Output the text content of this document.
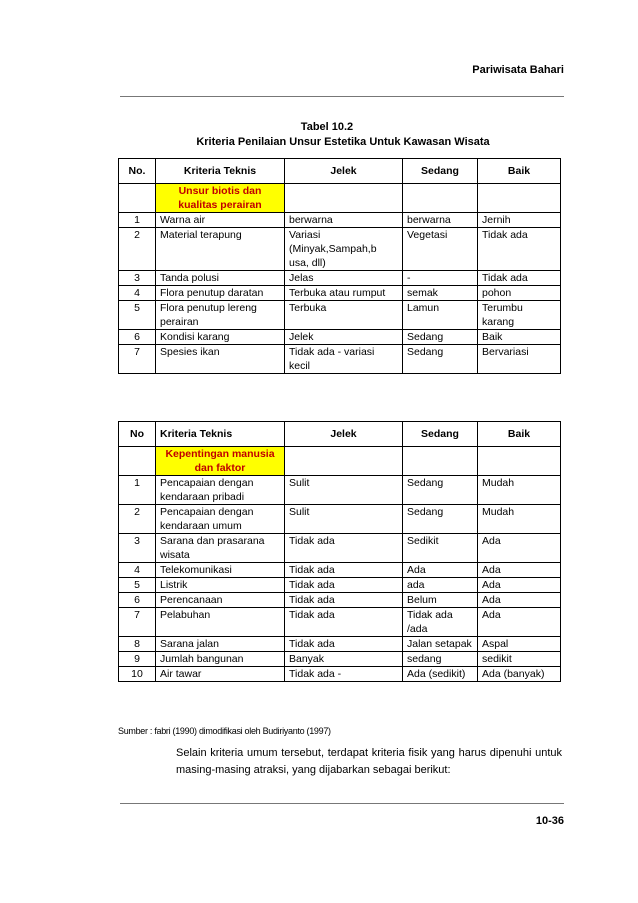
Pariwisata Bahari
Tabel 10.2
Kriteria Penilaian Unsur Estetika Untuk Kawasan Wisata
No.	Kriteria Teknis	Jelek	Sedang	Baik
	Unsur biotis dan kualitas perairan			
1	Warna air	berwarna	berwarna	Jernih
2	Material terapung	Variasi (Minyak,Sampah,b usa, dll)	Vegetasi	Tidak ada
3	Tanda polusi	Jelas	-	Tidak ada
4	Flora penutup daratan	Terbuka atau rumput	semak	pohon
5	Flora penutup lereng perairan	Terbuka	Lamun	Terumbu karang
6	Kondisi karang	Jelek	Sedang	Baik
7	Spesies ikan	Tidak ada - variasi kecil	Sedang	Bervariasi
No	Kriteria Teknis	Jelek	Sedang	Baik
	Kepentingan manusia dan faktor			
1	Pencapaian dengan kendaraan pribadi	Sulit	Sedang	Mudah
2	Pencapaian dengan kendaraan umum	Sulit	Sedang	Mudah
3	Sarana dan prasarana wisata	Tidak ada	Sedikit	Ada
4	Telekomunikasi	Tidak ada	Ada	Ada
5	Listrik	Tidak ada	ada	Ada
6	Perencanaan	Tidak ada	Belum	Ada
7	Pelabuhan	Tidak ada	Tidak ada /ada	Ada
8	Sarana jalan	Tidak ada	Jalan setapak	Aspal
9	Jumlah bangunan	Banyak	sedang	sedikit
10	Air tawar	Tidak ada -	Ada (sedikit)	Ada (banyak)
Sumber : fabri (1990) dimodifikasi oleh Budiriyanto (1997)
Selain kriteria umum tersebut, terdapat kriteria fisik yang harus dipenuhi untuk masing-masing atraksi, yang dijabarkan sebagai berikut:
10-36
